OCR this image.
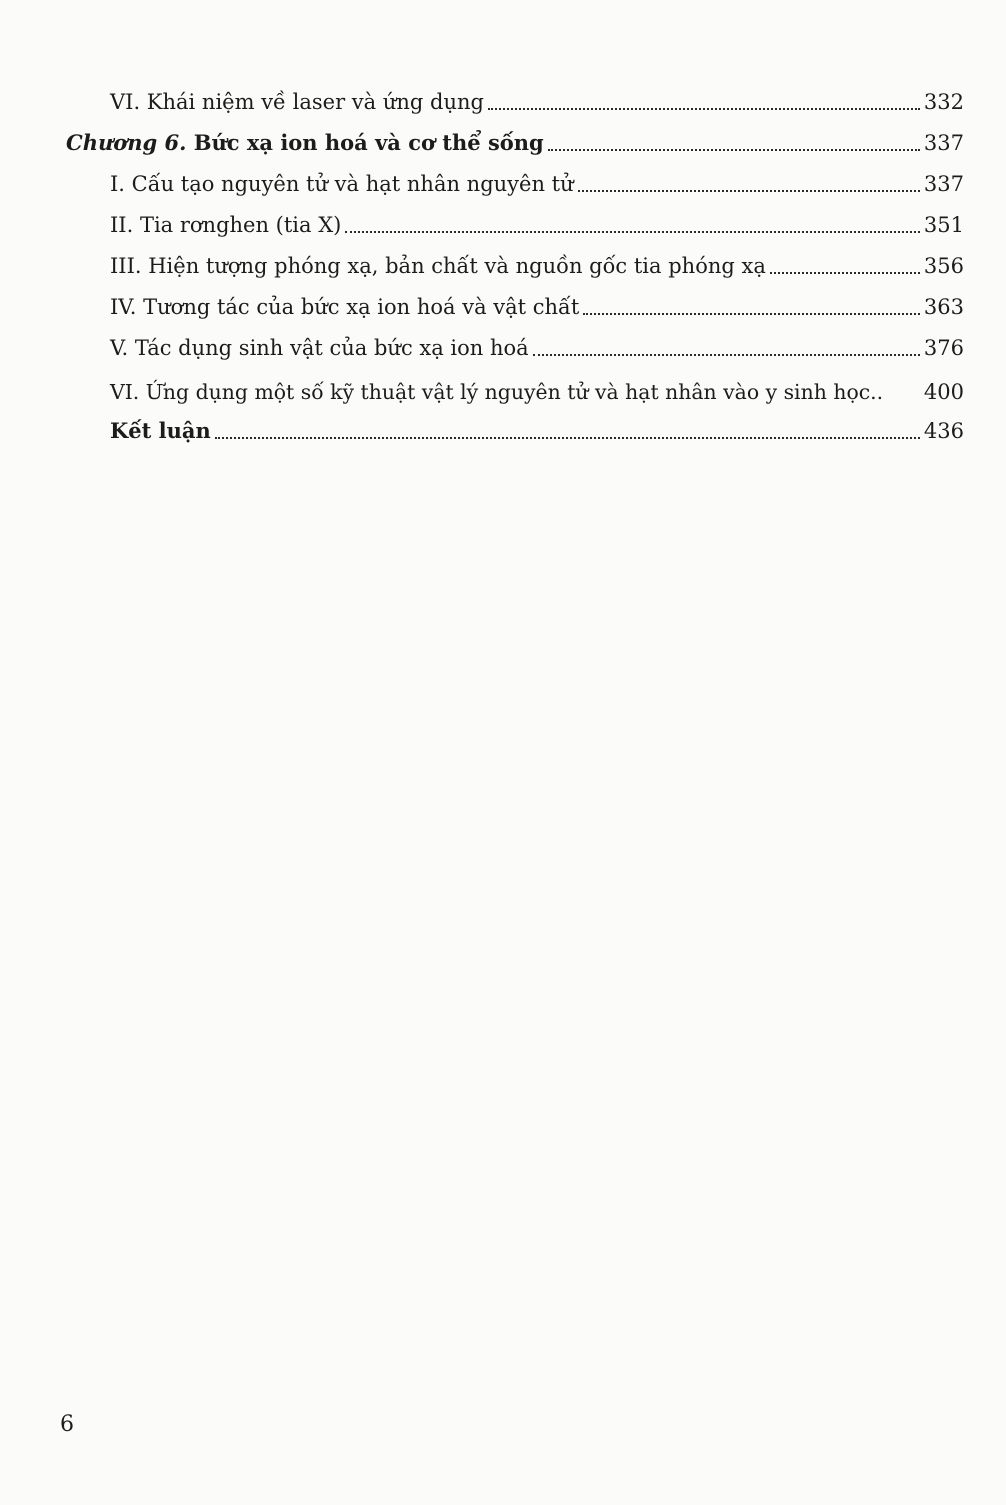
VI. Khái niệm về laser và ứng dụng	332
Chương 6. Bức xạ ion hoá và cơ thể sống	337
I. Cấu tạo nguyên tử và hạt nhân nguyên tử	337
II. Tia rơnghen (tia X)	351
III. Hiện tượng phóng xạ, bản chất và nguồn gốc tia phóng xạ	356
IV. Tương tác của bức xạ ion hoá và vật chất	363
V. Tác dụng sinh vật của bức xạ ion hoá	376
VI. Ứng dụng một số kỹ thuật vật lý nguyên tử và hạt nhân vào y sinh học.. 400
Kết luận	436
6
